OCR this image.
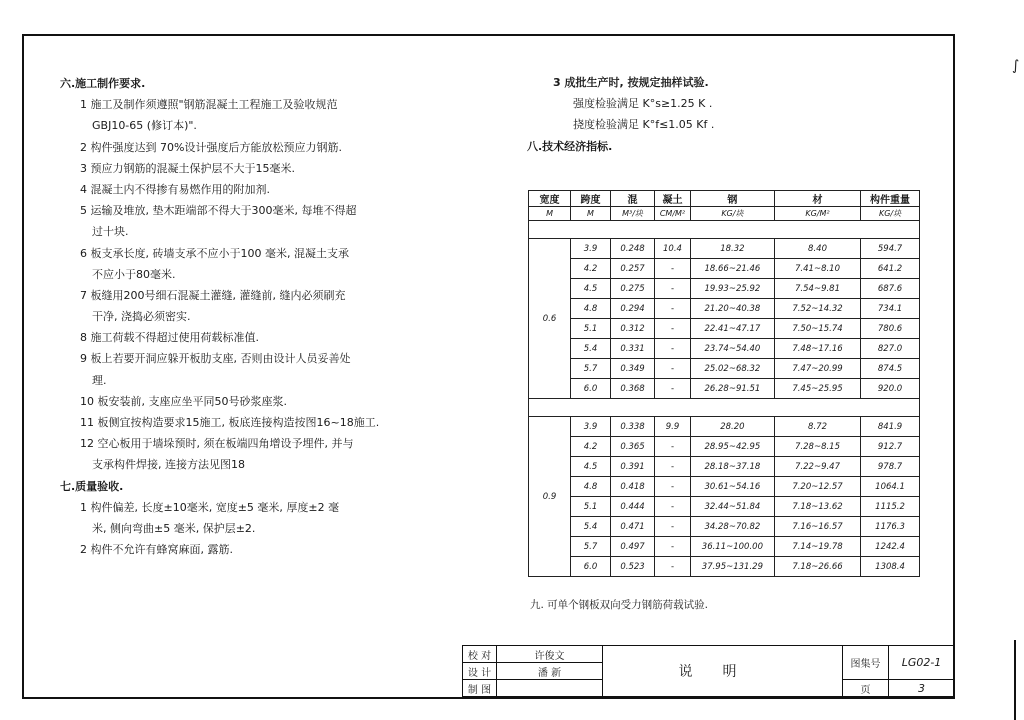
∫
六.施工制作要求.
1 施工及制作须遵照"钢筋混凝土工程施工及验收规范
GBJ10-65 (修订本)".
2 构件强度达到 70%设计强度后方能放松预应力钢筋.
3 预应力钢筋的混凝土保护层不大于15毫米.
4 混凝土内不得掺有易燃作用的附加剂.
5 运输及堆放, 垫木距端部不得大于300毫米, 每堆不得超
过十块.
6 板支承长度, 砖墙支承不应小于100 毫米, 混凝土支承
不应小于80毫米.
7 板缝用200号细石混凝土灌缝, 灌缝前, 缝内必须刷充
干净, 浇捣必须密实.
8 施工荷载不得超过使用荷载标准值.
9 板上若要开洞应躲开板肋支座, 否则由设计人员妥善处
理.
10 板安装前, 支座应坐平同50号砂浆座浆.
11 板侧宜按构造要求15施工, 板底连接构造按图16~18施工.
12 空心板用于墙垛预时, 须在板端四角增设予埋件, 并与
支承构件焊接, 连接方法见图18
七.质量验收.
1 构件偏差, 长度±10毫米, 宽度±5 毫米, 厚度±2 毫
米, 侧向弯曲±5 毫米, 保护层±2.
2 构件不允许有蜂窝麻面, 露筋.
3 成批生产时, 按规定抽样试验.
强度检验满足 K°s≥1.25 K .
挠度检验满足 K°f≤1.05 Kf .
八.技术经济指标.
宽度	跨度	混	凝土	钢	材	构件重量
M	M	M³/块	CM/M²	KG/块	KG/M²	KG/块

0.6	3.9	0.248	10.4	18.32	8.40	594.7
	4.2	0.257	-	18.66~21.46	7.41~8.10	641.2
	4.5	0.275	-	19.93~25.92	7.54~9.81	687.6
	4.8	0.294	-	21.20~40.38	7.52~14.32	734.1
	5.1	0.312	-	22.41~47.17	7.50~15.74	780.6
	5.4	0.331	-	23.74~54.40	7.48~17.16	827.0
	5.7	0.349	-	25.02~68.32	7.47~20.99	874.5
	6.0	0.368	-	26.28~91.51	7.45~25.95	920.0

0.9	3.9	0.338	9.9	28.20	8.72	841.9
	4.2	0.365	-	28.95~42.95	7.28~8.15	912.7
	4.5	0.391	-	28.18~37.18	7.22~9.47	978.7
	4.8	0.418	-	30.61~54.16	7.20~12.57	1064.1
	5.1	0.444	-	32.44~51.84	7.18~13.62	1115.2
	5.4	0.471	-	34.28~70.82	7.16~16.57	1176.3
	5.7	0.497	-	36.11~100.00	7.14~19.78	1242.4
	6.0	0.523	-	37.95~131.29	7.18~26.66	1308.4
九. 可单个钢板双向受力钢筋荷载试验.
校 对	许俊文	说明	图集号	LG02-1
设 计	潘 新			
制 图			页	3
